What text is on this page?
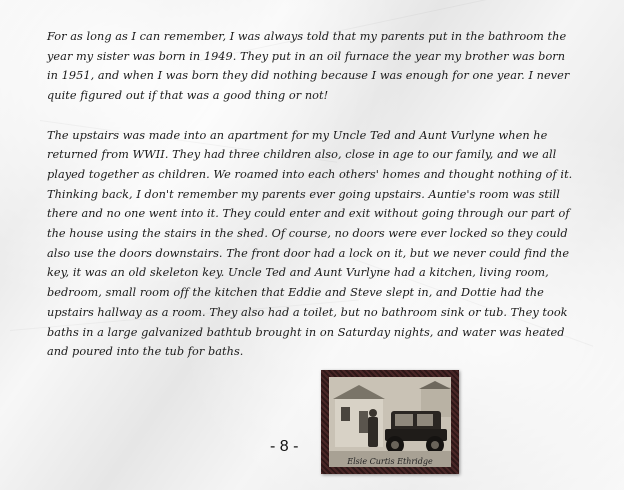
For as long as I can remember, I was always told that my parents put in the bathroom the year my sister was born in 1949. They put in an oil furnace the year my brother was born in 1951, and when I was born they did nothing because I was enough for one year. I never quite figured out if that was a good thing or not!

The upstairs was made into an apartment for my Uncle Ted and Aunt Vurlyne when he returned from WWII. They had three children also, close in age to our family, and we all played together as children. We roamed into each others' homes and thought nothing of it. Thinking back, I don't remember my parents ever going upstairs. Auntie's room was still there and no one went into it. They could enter and exit without going through our part of the house using the stairs in the shed. Of course, no doors were ever locked so they could also use the doors downstairs. The front door had a lock on it, but we never could find the key, it was an old skeleton key. Uncle Ted and Aunt Vurlyne had a kitchen, living room, bedroom, small room off the kitchen that Eddie and Steve slept in, and Dottie had the upstairs hallway as a room. They also had a toilet, but no bathroom sink or tub. They took baths in a large galvanized bathtub brought in on Saturday nights, and water was heated and poured into the tub for baths.

- 8 -
Elsie Curtis Ethridge
